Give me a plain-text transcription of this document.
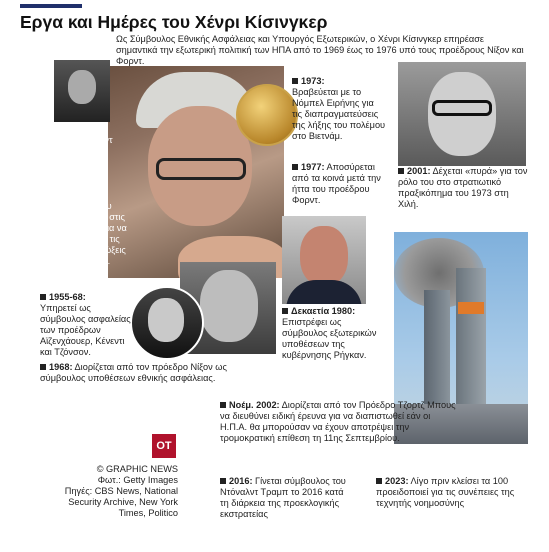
Εργα και Ημέρες του Χένρι Κίσινγκερ
Ως Σύμβουλος Εθνικής Ασφάλειας και Υπουργός Εξωτερικών, ο Χένρι Κίσινγκερ επηρέασε σημαντικά την εξωτερική πολιτική των ΗΠΑ από το 1969 έως το 1976 υπό τους προέδρους Νίξον και Φορντ.
27/5/1923: Χάινς Αλφρεντ Κίσινγκερ γεννιέται στο Φυρτ της Γερμανίας.
1938: Με την οικογένειά του μεταναστεύει στις ΗΠΑ για να για να γλιτώσει από τις ναζιστικές διώξεις των Εβραίων.
1955-68:
Υπηρετεί ως σύμβουλος ασφαλείας των προέδρων Αϊζενχάουερ, Κένεντι και Τζόνσον.
1968: Διορίζεται από τον πρόεδρο Νίξον ως σύμβουλος υποθέσεων εθνικής ασφάλειας.
1973:
Βραβεύεται με το Νόμπελ Ειρήνης για τις διαπραγματεύσεις της λήξης του πολέμου στο Βιετνάμ.
1977: Αποσύρεται από τα κοινά μετά την ήττα του προέδρου Φορντ.
Δεκαετία 1980:
Επιστρέφει ως σύμβουλος εξωτερικών υποθέσεων της κυβέρνησης Ρήγκαν.
2001: Δέχεται «πυρά» για τον ρόλο του στο στρατιωτικό πραξικόπημα του 1973 στη Χιλή.
Νοέμ. 2002: Διορίζεται από τον Πρόεδρο Τζορτζ Μπους να διευθύνει ειδική έρευνα για να διαπιστωθεί εάν οι Η.Π.Α. θα μπορούσαν να έχουν αποτρέψει την τρομοκρατική επίθεση τη 11ης Σεπτεμβρίου.
2016: Γίνεται σύμβουλος του Ντόναλντ Τραμπ το 2016 κατά τη διάρκεια της προεκλογικής εκστρατείας
2023: Λίγο πριν κλείσει τα 100 προειδοποιεί για τις συνέπειες της τεχνητής νοημοσύνης
ΟΤ
© GRAPHIC NEWS
Φωτ.: Getty Images
Πηγές: CBS News, National Security Archive, New York Times, Politico
